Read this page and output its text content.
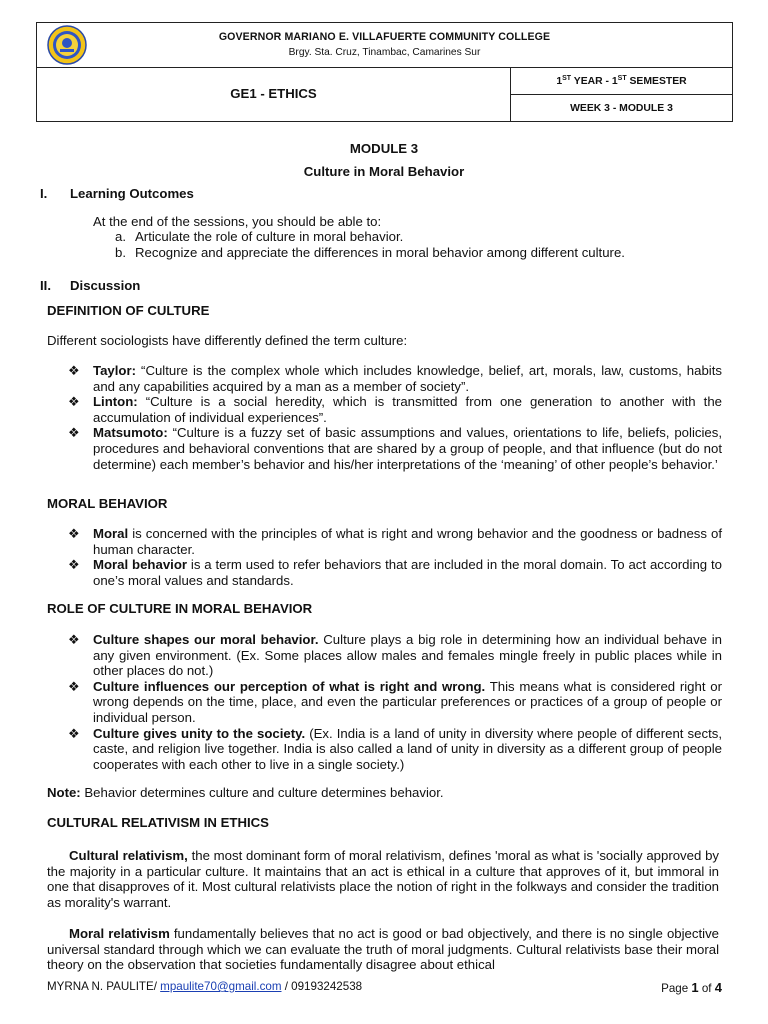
GOVERNOR MARIANO E. VILLAFUERTE COMMUNITY COLLEGE
Brgy. Sta. Cruz, Tinambac, Camarines Sur
GE1 - ETHICS
1ST YEAR - 1ST SEMESTER
WEEK 3 - MODULE 3
MODULE 3
Culture in Moral Behavior
I. Learning Outcomes
At the end of the sessions, you should be able to:
a. Articulate the role of culture in moral behavior.
b. Recognize and appreciate the differences in moral behavior among different culture.
II. Discussion
DEFINITION OF CULTURE
Different sociologists have differently defined the term culture:
❖	Taylor: “Culture is the complex whole which includes knowledge, belief, art, morals, law, customs, habits and any capabilities acquired by a man as a member of society”.
❖	Linton: “Culture is a social heredity, which is transmitted from one generation to another with the accumulation of individual experiences”.
❖	Matsumoto: “Culture is a fuzzy set of basic assumptions and values, orientations to life, beliefs, policies, procedures and behavioral conventions that are shared by a group of people, and that influence (but do not determine) each member’s behavior and his/her interpretations of the ‘meaning’ of other people’s behavior.’
MORAL BEHAVIOR
❖	Moral is concerned with the principles of what is right and wrong behavior and the goodness or badness of human character.
❖	Moral behavior is a term used to refer behaviors that are included in the moral domain. To act according to one’s moral values and standards.
ROLE OF CULTURE IN MORAL BEHAVIOR
❖	Culture shapes our moral behavior. Culture plays a big role in determining how an individual behave in any given environment. (Ex. Some places allow males and females mingle freely in public places while in other places do not.)
❖	Culture influences our perception of what is right and wrong. This means what is considered right or wrong depends on the time, place, and even the particular preferences or practices of a group of people or individual person.
❖	Culture gives unity to the society. (Ex. India is a land of unity in diversity where people of different sects, caste, and religion live together. India is also called a land of unity in diversity as a different group of people cooperates with each other to live in a single society.)
Note: Behavior determines culture and culture determines behavior.
CULTURAL RELATIVISM IN ETHICS
Cultural relativism, the most dominant form of moral relativism, defines 'moral as what is 'socially approved by the majority in a particular culture. It maintains that an act is ethical in a culture that approves of it, but immoral in one that disapproves of it. Most cultural relativists place the notion of right in the folkways and consider the tradition as morality's warrant.
Moral relativism fundamentally believes that no act is good or bad objectively, and there is no single objective universal standard through which we can evaluate the truth of moral judgments. Cultural relativists base their moral theory on the observation that societies fundamentally disagree about ethical
MYRNA N. PAULITE/ mpaulite70@gmail.com / 09193242538	Page 1 of 4
